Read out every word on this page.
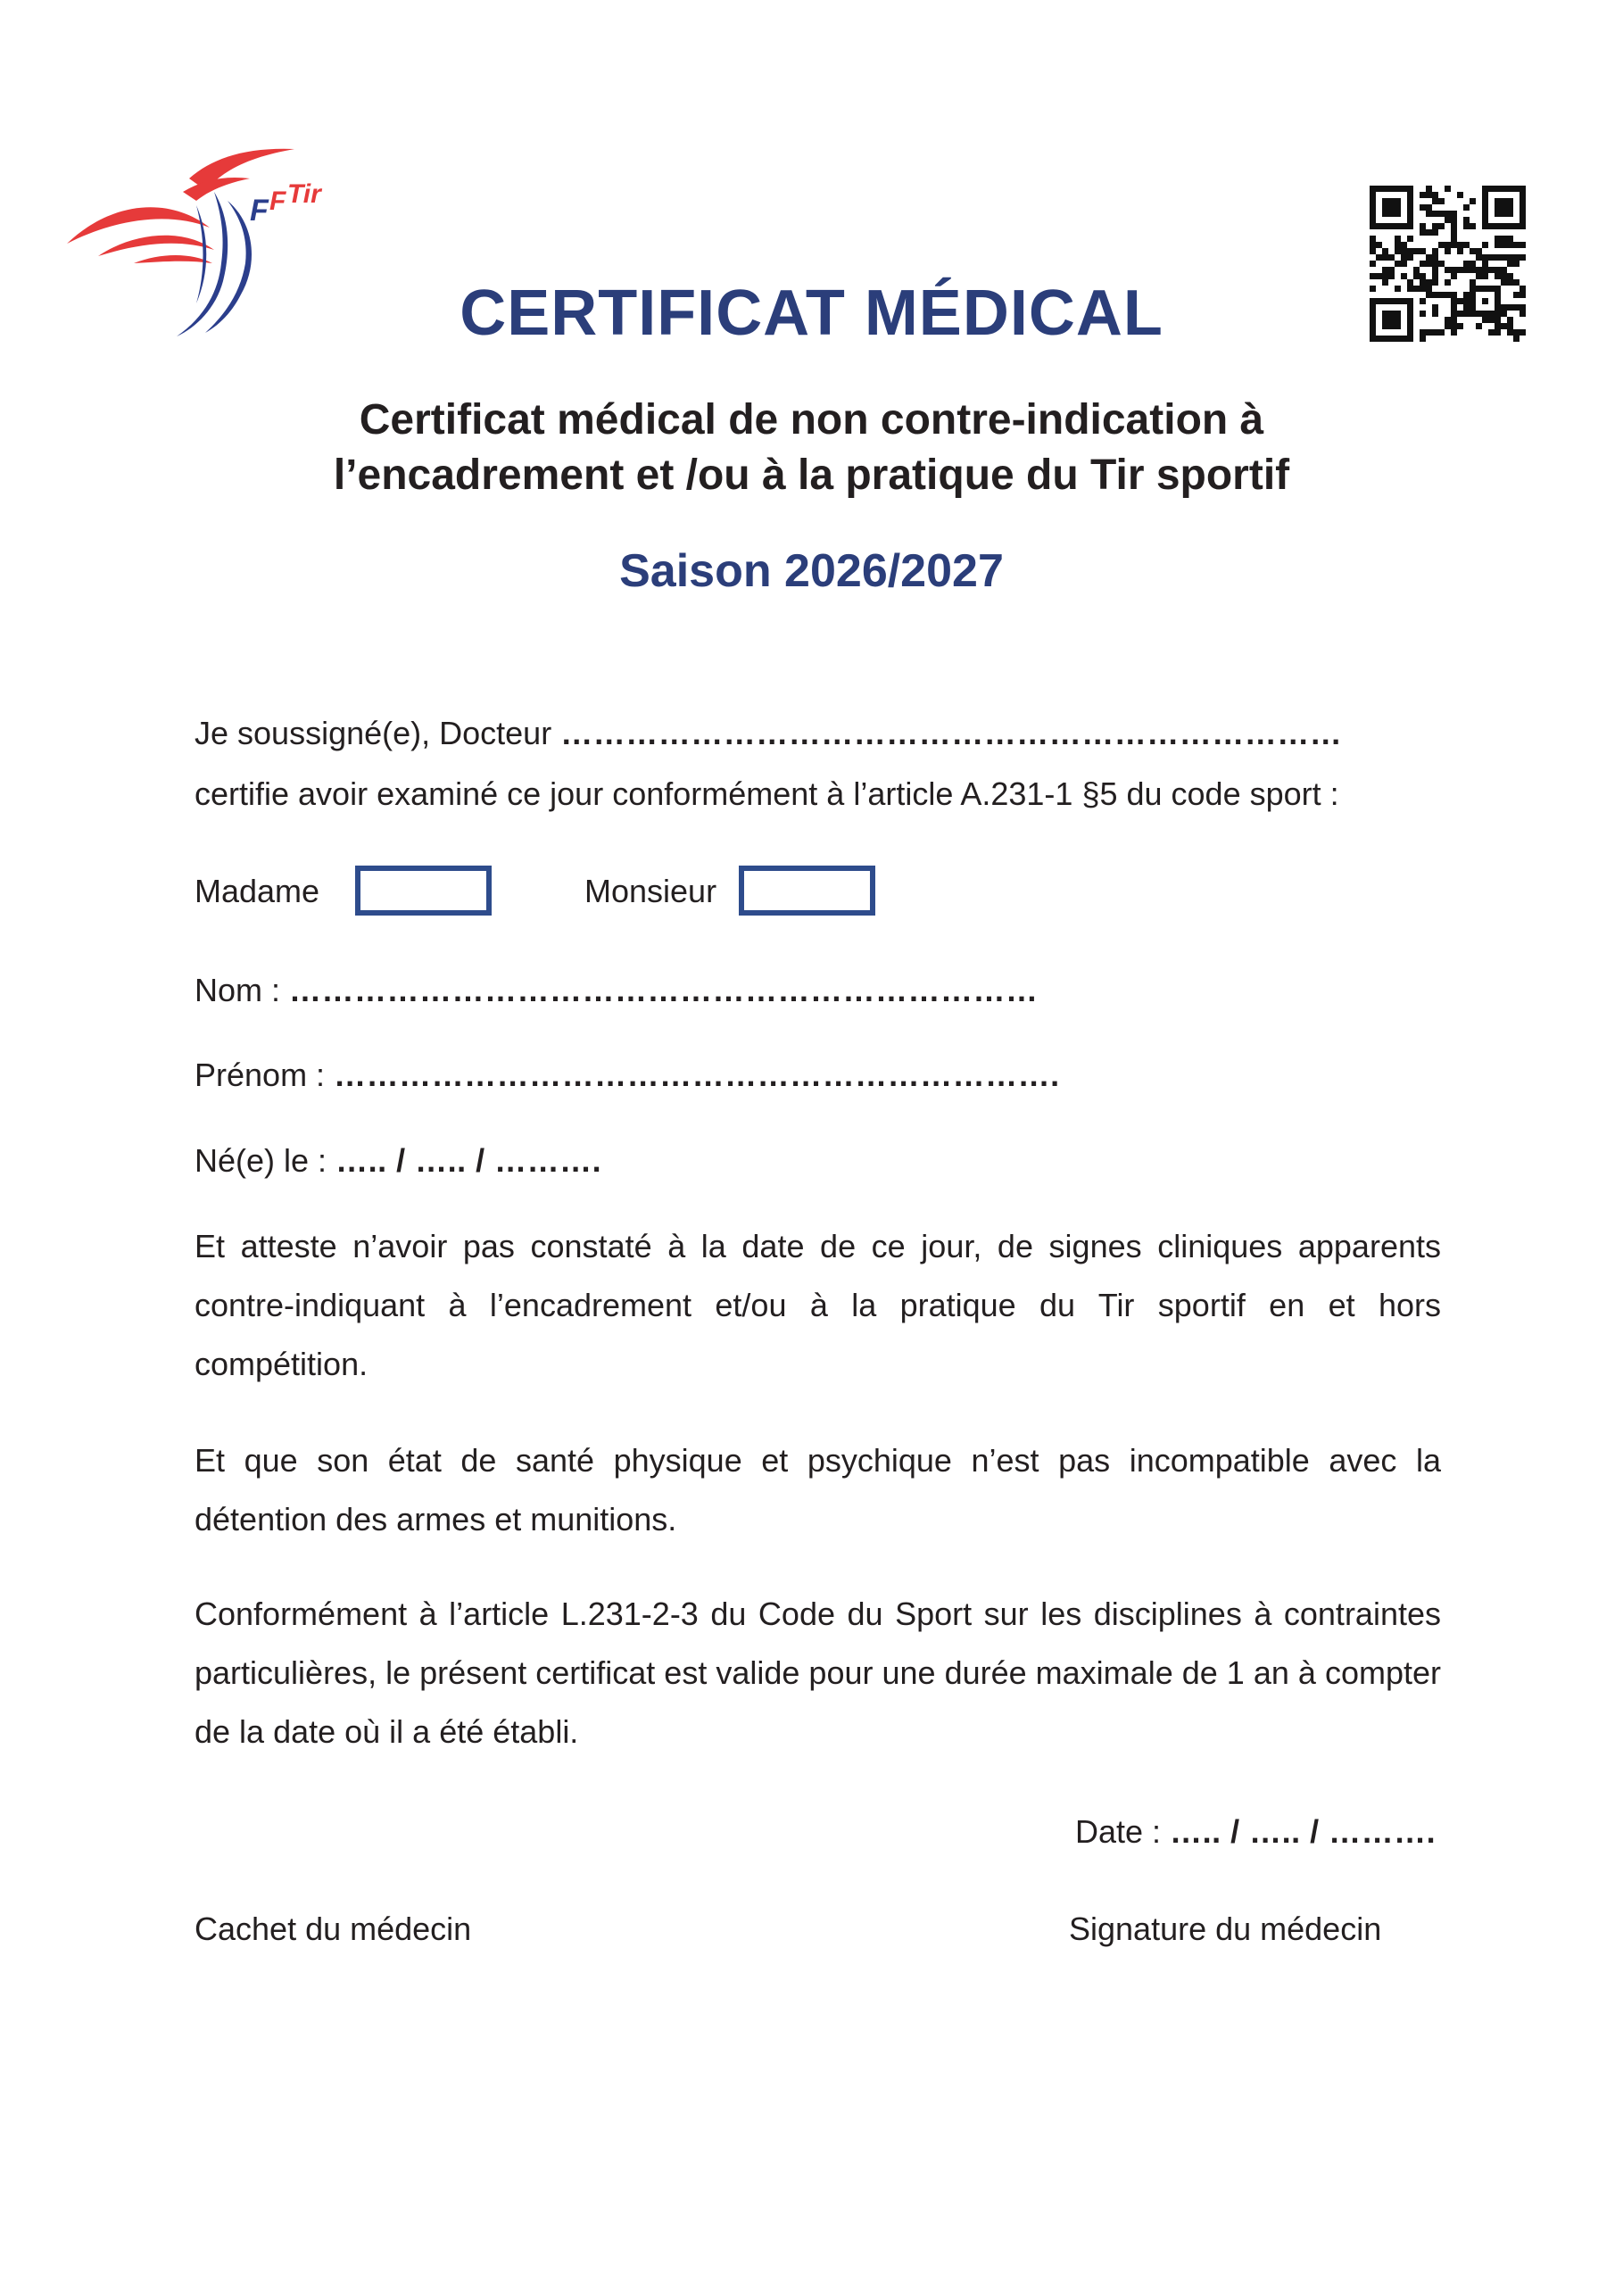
F F Tir
CERTIFICAT MÉDICAL
Certificat médical de non contre-indication à
l’encadrement et /ou à la pratique du Tir sportif
Saison 2026/2027
Je soussigné(e), Docteur ………………………………………………………………
certifie avoir examiné ce jour conformément à l’article A.231-1 §5 du code sport :
Madame	Monsieur
Nom : ……………………………………………………………
Prénom : ………………………………………………………….
Né(e) le : ….. / ….. / ……….

Et atteste n’avoir pas constaté à la date de ce jour, de signes cliniques apparents contre-indiquant à l’encadrement et/ou à la pratique du Tir sportif en et hors compétition.

Et que son état de santé physique et psychique n’est pas incompatible avec la détention des armes et munitions.

Conformément à l’article L.231-2-3 du Code du Sport sur les disciplines à contraintes particulières, le présent certificat est valide pour une durée maximale de 1 an à compter de la date où il a été établi.

Date : ….. / ….. / ……….
Cachet du médecin	Signature du médecin
